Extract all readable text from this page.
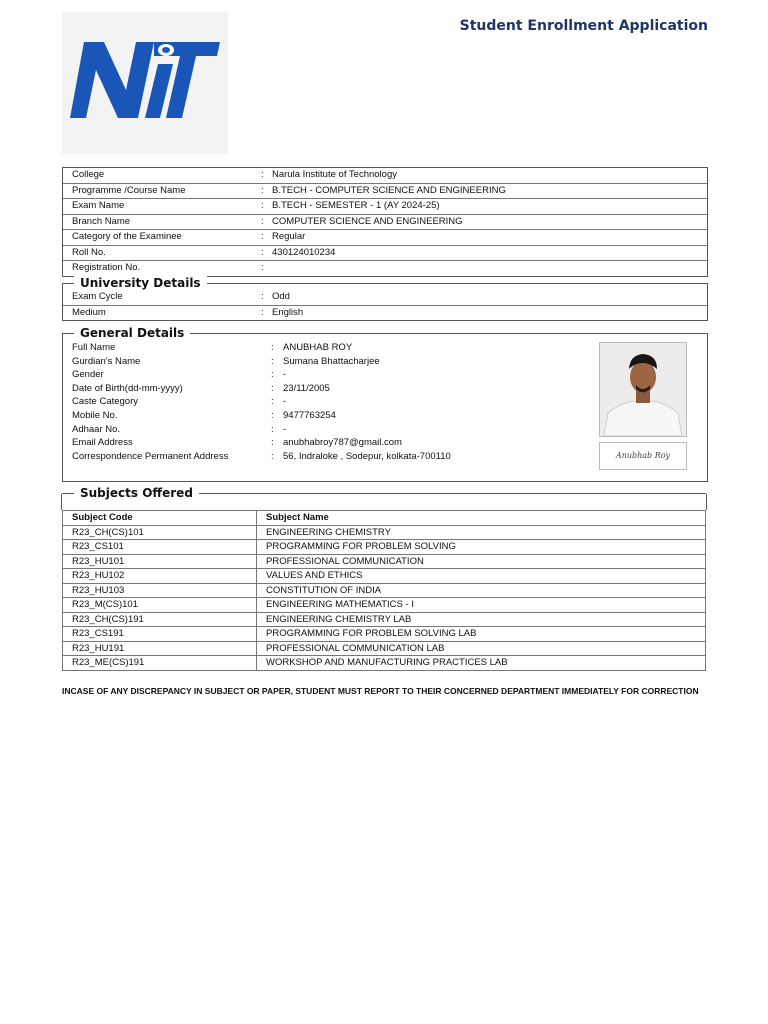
Student Enrollment Application
College	: Narula Institute of Technology
Programme /Course Name	: B.TECH - COMPUTER SCIENCE AND ENGINEERING
Exam Name	: B.TECH - SEMESTER - 1 (AY 2024-25)
Branch Name	: COMPUTER SCIENCE AND ENGINEERING
Category of the Examinee	: Regular
Roll No.	: 430124010234
Registration No.	:
Exam Cycle	: Odd
Medium	: English
University Details
Full Name	: ANUBHAB ROY
Gurdian's Name	: Sumana Bhattacharjee
Gender	: -
Date of Birth(dd-mm-yyyy)	: 23/11/2005
Caste Category	: -
Mobile No.	: 9477763254
Adhaar No.	: -
Email Address	: anubhabroy787@gmail.com
Correspondence Permanent Address	: 56, Indraloke , Sodepur, kolkata-700110	Anubhab Roy
General Details
Subject Code	Subject Name
R23_CH(CS)101	ENGINEERING CHEMISTRY
R23_CS101	PROGRAMMING FOR PROBLEM SOLVING
R23_HU101	PROFESSIONAL COMMUNICATION
R23_HU102	VALUES AND ETHICS
R23_HU103	CONSTITUTION OF INDIA
R23_M(CS)101	ENGINEERING MATHEMATICS - I
R23_CH(CS)191	ENGINEERING CHEMISTRY LAB
R23_CS191	PROGRAMMING FOR PROBLEM SOLVING LAB
R23_HU191	PROFESSIONAL COMMUNICATION LAB
R23_ME(CS)191	WORKSHOP AND MANUFACTURING PRACTICES LAB
Subjects Offered
INCASE OF ANY DISCREPANCY IN SUBJECT OR PAPER, STUDENT MUST REPORT TO THEIR CONCERNED DEPARTMENT IMMEDIATELY FOR CORRECTION
